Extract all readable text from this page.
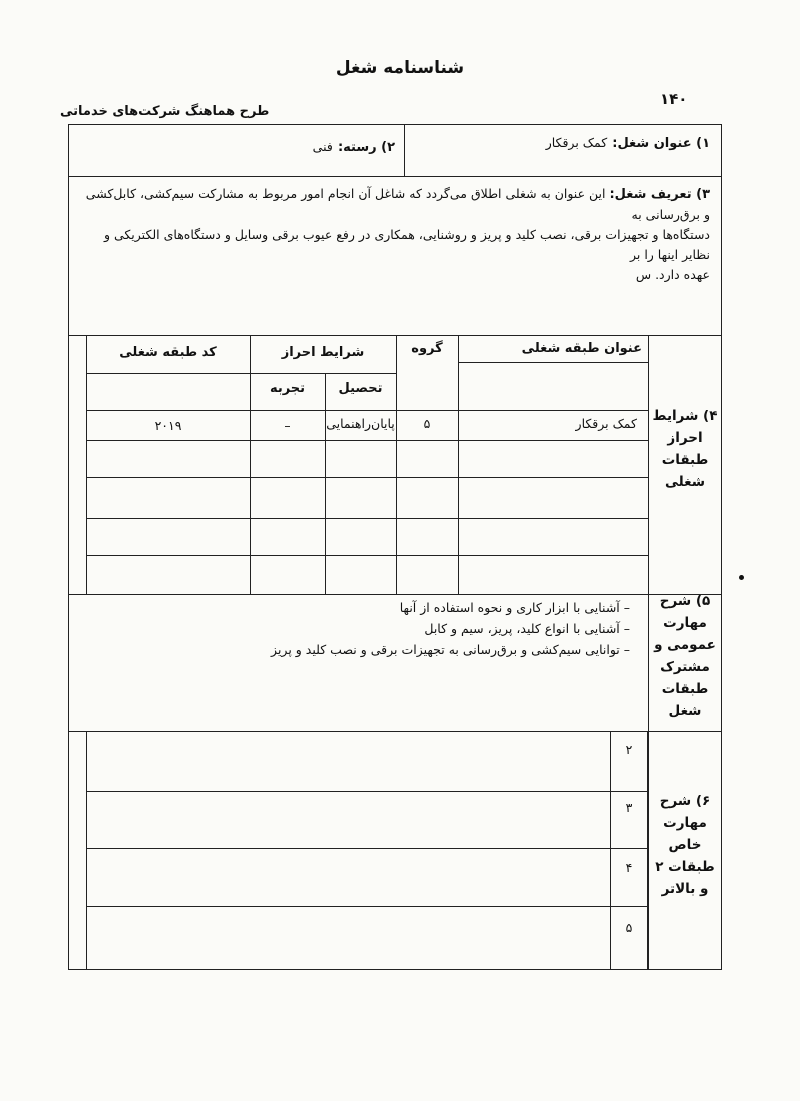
شناسنامه شغل
۱۴۰
طرح هماهنگ شرکت‌های خدماتی
۱) عنوان شغل: کمک برقکار
۲) رسته: فنی
۳) تعریف شغل: این عنوان به شغلی اطلاق می‌گردد که شاغل آن انجام امور مربوط به مشارکت سیم‌کشی، کابل‌کشی و برق‌رسانی به
دستگاه‌ها و تجهیزات برقی، نصب کلید و پریز و روشنایی، همکاری در رفع عیوب برقی وسایل و دستگاه‌های الکتریکی و نظایر اینها را بر
عهده دارد. س
۴) شرایط
احراز
طبقات
شغلی
عنوان طبقه شغلی
گروه
شرایط احراز
تحصیل
تجربه
کد طبقه شغلی
کمک برقکار
۵
پایان‌راهنمایی
–
۲۰۱۹
۵) شرح
مهارت
عمومی و
مشترک
طبقات
شغل
– آشنایی با ابزار کاری و نحوه استفاده از آنها
– آشنایی با انواع کلید، پریز، سیم و کابل
– توانایی سیم‌کشی و برق‌رسانی به تجهیزات برقی و نصب کلید و پریز
۶) شرح
مهارت
خاص
طبقات ۲
و بالاتر
۲
۳
۴
۵
